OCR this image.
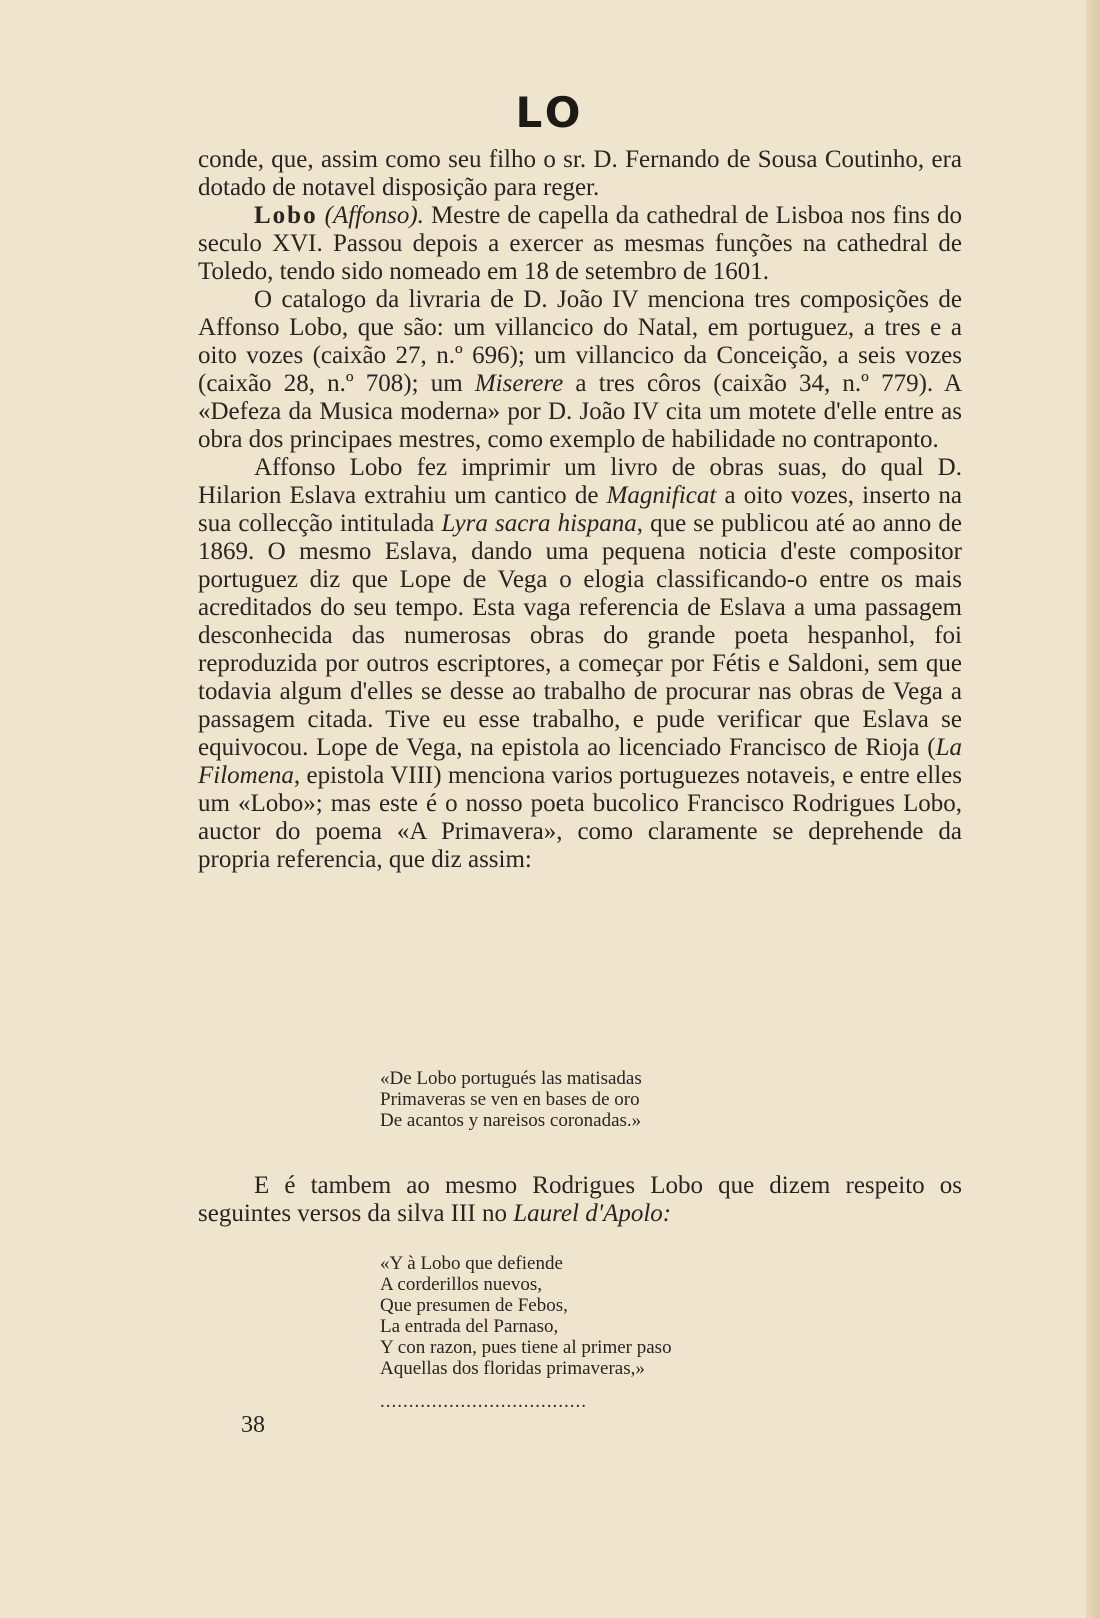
LO

conde, que, assim como seu filho o sr. D. Fernando de Sousa Coutinho, era dotado de notavel disposição para reger.

Lobo (Affonso). Mestre de capella da cathedral de Lisboa nos fins do seculo XVI. Passou depois a exercer as mesmas funções na cathedral de Toledo, tendo sido nomeado em 18 de setembro de 1601.

O catalogo da livraria de D. João IV menciona tres composições de Affonso Lobo, que são: um villancico do Natal, em portuguez, a tres e a oito vozes (caixão 27, n.º 696); um villancico da Conceição, a seis vozes (caixão 28, n.º 708); um Miserere a tres côros (caixão 34, n.º 779). A «Defeza da Musica moderna» por D. João IV cita um motete d'elle entre as obra dos principaes mestres, como exemplo de habilidade no contraponto.

Affonso Lobo fez imprimir um livro de obras suas, do qual D. Hilarion Eslava extrahiu um cantico de Magnificat a oito vozes, inserto na sua collecção intitulada Lyra sacra hispana, que se publicou até ao anno de 1869. O mesmo Eslava, dando uma pequena noticia d'este compositor portuguez diz que Lope de Vega o elogia classificando-o entre os mais acreditados do seu tempo. Esta vaga referencia de Eslava a uma passagem desconhecida das numerosas obras do grande poeta hespanhol, foi reproduzida por outros escriptores, a começar por Fétis e Saldoni, sem que todavia algum d'elles se desse ao trabalho de procurar nas obras de Vega a passagem citada. Tive eu esse trabalho, e pude verificar que Eslava se equivocou. Lope de Vega, na epistola ao licenciado Francisco de Rioja (La Filomena, epistola VIII) menciona varios portuguezes notaveis, e entre elles um «Lobo»; mas este é o nosso poeta bucolico Francisco Rodrigues Lobo, auctor do poema «A Primavera», como claramente se deprehende da propria referencia, que diz assim:

«De Lobo portugués las matisadas
Primaveras se ven en bases de oro
De acantos y nareisos coronadas.»

E é tambem ao mesmo Rodrigues Lobo que dizem respeito os seguintes versos da silva III no Laurel d'Apolo:

«Y à Lobo que defiende
A corderillos nuevos,
Que presumen de Febos,
La entrada del Parnaso,
Y con razon, pues tiene al primer paso
Aquellas dos floridas primaveras,»
....................................
38
